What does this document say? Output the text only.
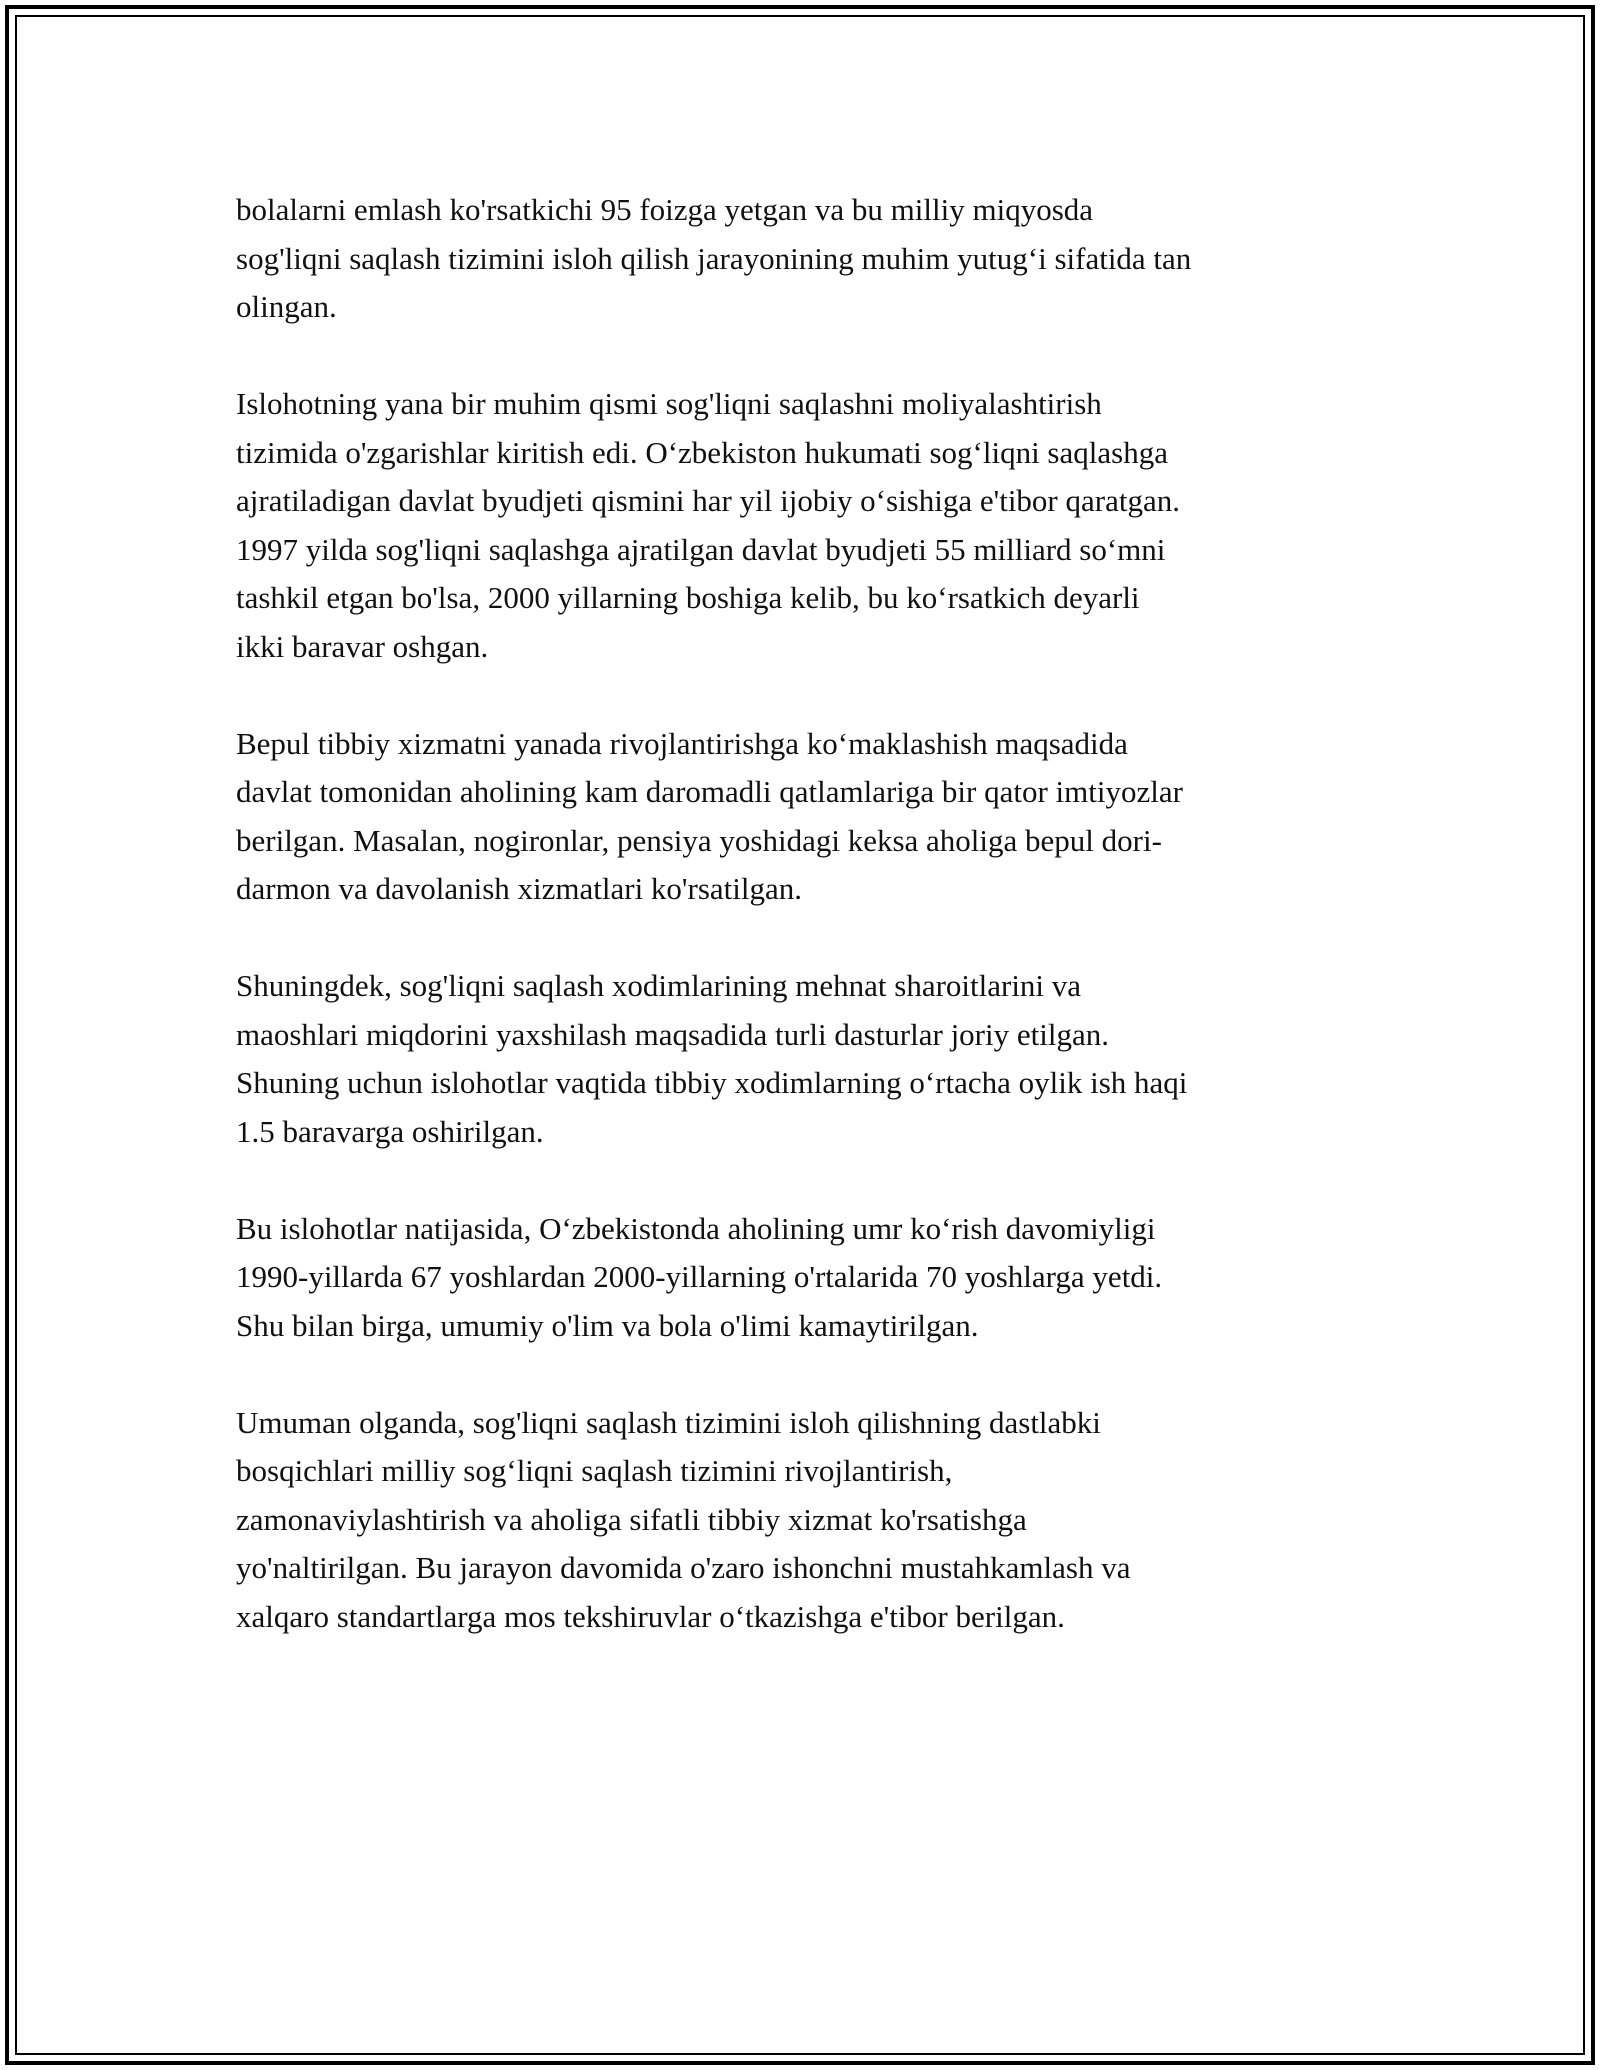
bolalarni emlash ko'rsatkichi 95 foizga yetgan va bu milliy miqyosda
sog'liqni saqlash tizimini isloh qilish jarayonining muhim yutug‘i sifatida tan
olingan.

Islohotning yana bir muhim qismi sog'liqni saqlashni moliyalashtirish
tizimida o'zgarishlar kiritish edi. O‘zbekiston hukumati sog‘liqni saqlashga
ajratiladigan davlat byudjeti qismini har yil ijobiy o‘sishiga e'tibor qaratgan.
1997 yilda sog'liqni saqlashga ajratilgan davlat byudjeti 55 milliard so‘mni
tashkil etgan bo'lsa, 2000 yillarning boshiga kelib, bu ko‘rsatkich deyarli
ikki baravar oshgan.

Bepul tibbiy xizmatni yanada rivojlantirishga ko‘maklashish maqsadida
davlat tomonidan aholining kam daromadli qatlamlariga bir qator imtiyozlar
berilgan. Masalan, nogironlar, pensiya yoshidagi keksa aholiga bepul dori-
darmon va davolanish xizmatlari ko'rsatilgan.

Shuningdek, sog'liqni saqlash xodimlarining mehnat sharoitlarini va
maoshlari miqdorini yaxshilash maqsadida turli dasturlar joriy etilgan.
Shuning uchun islohotlar vaqtida tibbiy xodimlarning o‘rtacha oylik ish haqi
1.5 baravarga oshirilgan.

Bu islohotlar natijasida, O‘zbekistonda aholining umr ko‘rish davomiyligi
1990-yillarda 67 yoshlardan 2000-yillarning o'rtalarida 70 yoshlarga yetdi.
Shu bilan birga, umumiy o'lim va bola o'limi kamaytirilgan.

Umuman olganda, sog'liqni saqlash tizimini isloh qilishning dastlabki
bosqichlari milliy sog‘liqni saqlash tizimini rivojlantirish,
zamonaviylashtirish va aholiga sifatli tibbiy xizmat ko'rsatishga
yo'naltirilgan. Bu jarayon davomida o'zaro ishonchni mustahkamlash va
xalqaro standartlarga mos tekshiruvlar o‘tkazishga e'tibor berilgan.
